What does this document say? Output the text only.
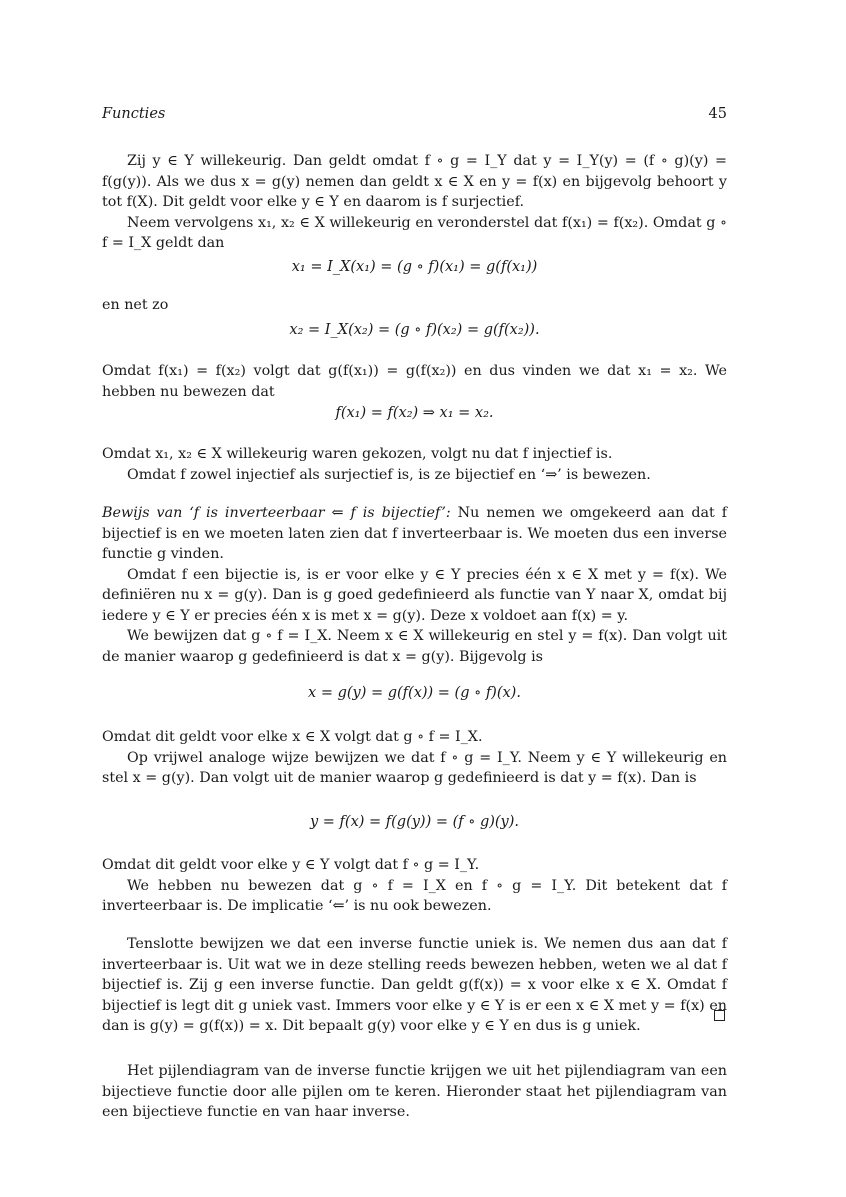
Functies	45

Zij y ∈ Y willekeurig. Dan geldt omdat f ∘ g = I_Y dat y = I_Y(y) = (f ∘ g)(y) = f(g(y)). Als we dus x = g(y) nemen dan geldt x ∈ X en y = f(x) en bijgevolg behoort y tot f(X). Dit geldt voor elke y ∈ Y en daarom is f surjectief.

Neem vervolgens x₁, x₂ ∈ X willekeurig en veronderstel dat f(x₁) = f(x₂). Omdat g ∘ f = I_X geldt dan

x₁ = I_X(x₁) = (g ∘ f)(x₁) = g(f(x₁))

en net zo

x₂ = I_X(x₂) = (g ∘ f)(x₂) = g(f(x₂)).

Omdat f(x₁) = f(x₂) volgt dat g(f(x₁)) = g(f(x₂)) en dus vinden we dat x₁ = x₂. We hebben nu bewezen dat

f(x₁) = f(x₂) ⇒ x₁ = x₂.

Omdat x₁, x₂ ∈ X willekeurig waren gekozen, volgt nu dat f injectief is.

Omdat f zowel injectief als surjectief is, is ze bijectief en ‘⇒’ is bewezen.

Bewijs van ‘f is inverteerbaar ⇐ f is bijectief’: Nu nemen we omgekeerd aan dat f bijectief is en we moeten laten zien dat f inverteerbaar is. We moeten dus een inverse functie g vinden.

Omdat f een bijectie is, is er voor elke y ∈ Y precies één x ∈ X met y = f(x). We definiëren nu x = g(y). Dan is g goed gedefinieerd als functie van Y naar X, omdat bij iedere y ∈ Y er precies één x is met x = g(y). Deze x voldoet aan f(x) = y.

We bewijzen dat g ∘ f = I_X. Neem x ∈ X willekeurig en stel y = f(x). Dan volgt uit de manier waarop g gedefinieerd is dat x = g(y). Bijgevolg is

x = g(y) = g(f(x)) = (g ∘ f)(x).

Omdat dit geldt voor elke x ∈ X volgt dat g ∘ f = I_X.

Op vrijwel analoge wijze bewijzen we dat f ∘ g = I_Y. Neem y ∈ Y willekeurig en stel x = g(y). Dan volgt uit de manier waarop g gedefinieerd is dat y = f(x). Dan is

y = f(x) = f(g(y)) = (f ∘ g)(y).

Omdat dit geldt voor elke y ∈ Y volgt dat f ∘ g = I_Y.

We hebben nu bewezen dat g ∘ f = I_X en f ∘ g = I_Y. Dit betekent dat f inverteerbaar is. De implicatie ‘⇐’ is nu ook bewezen.

Tenslotte bewijzen we dat een inverse functie uniek is. We nemen dus aan dat f inverteerbaar is. Uit wat we in deze stelling reeds bewezen hebben, weten we al dat f bijectief is. Zij g een inverse functie. Dan geldt g(f(x)) = x voor elke x ∈ X. Omdat f bijectief is legt dit g uniek vast. Immers voor elke y ∈ Y is er een x ∈ X met y = f(x) en dan is g(y) = g(f(x)) = x. Dit bepaalt g(y) voor elke y ∈ Y en dus is g uniek.

Het pijlendiagram van de inverse functie krijgen we uit het pijlendiagram van een bijectieve functie door alle pijlen om te keren. Hieronder staat het pijlendiagram van een bijectieve functie en van haar inverse.
